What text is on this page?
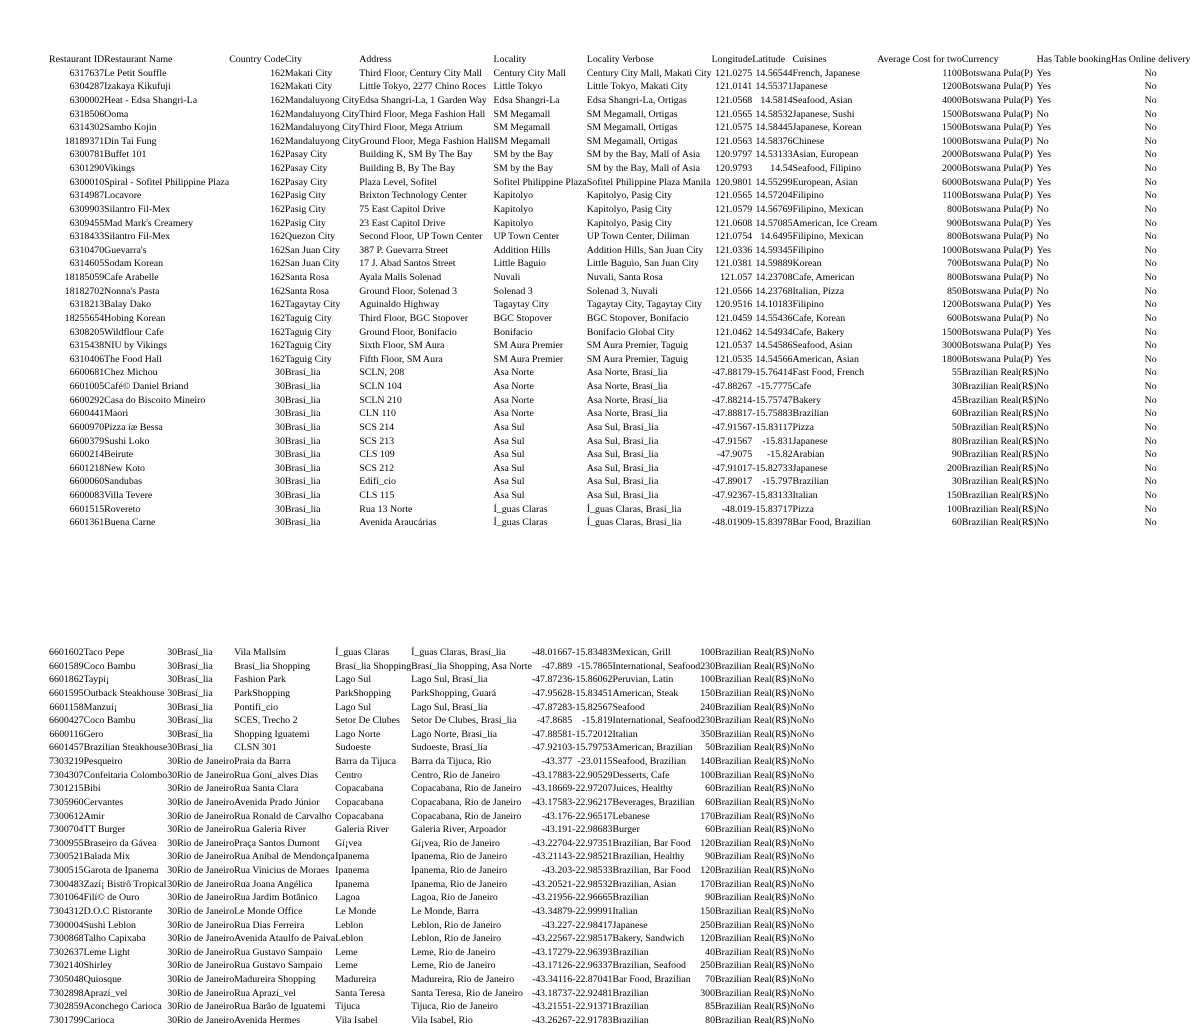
Restaurant ID	Restaurant Name	Country Code	City	Address	Locality	Locality Verbose	Longitude	Latitude	Cuisines	Average Cost for two	Currency	Has Table booking	Has Online delivery
6317637	Le Petit Souffle	162	Makati City	Third Floor, Century City Mall	Century City Mall	Century City Mall, Makati City	121.0275	14.56544	French, Japanese	1100	Botswana Pula(P)	Yes	No
6304287	Izakaya Kikufuji	162	Makati City	Little Tokyo, 2277 Chino Roces	Little Tokyo	Little Tokyo, Makati City	121.0141	14.55371	Japanese	1200	Botswana Pula(P)	Yes	No
6300002	Heat - Edsa Shangri-La	162	Mandaluyong City	Edsa Shangri-La, 1 Garden Way	Edsa Shangri-La	Edsa Shangri-La, Ortigas	121.0568	14.5814	Seafood, Asian	4000	Botswana Pula(P)	Yes	No
6318506	Ooma	162	Mandaluyong City	Third Floor, Mega Fashion Hall	SM Megamall	SM Megamall, Ortigas	121.0565	14.58532	Japanese, Sushi	1500	Botswana Pula(P)	No	No
6314302	Sambo Kojin	162	Mandaluyong City	Third Floor, Mega Atrium	SM Megamall	SM Megamall, Ortigas	121.0575	14.58445	Japanese, Korean	1500	Botswana Pula(P)	Yes	No
18189371	Din Tai Fung	162	Mandaluyong City	Ground Floor, Mega Fashion Hall	SM Megamall	SM Megamall, Ortigas	121.0563	14.58376	Chinese	1000	Botswana Pula(P)	No	No
6300781	Buffet 101	162	Pasay City	Building K, SM By The Bay	SM by the Bay	SM by the Bay, Mall of Asia	120.9797	14.53133	Asian, European	2000	Botswana Pula(P)	Yes	No
6301290	Vikings	162	Pasay City	Building B, By The Bay	SM by the Bay	SM by the Bay, Mall of Asia	120.9793	14.54	Seafood, Filipino	2000	Botswana Pula(P)	Yes	No
6300010	Spiral - Sofitel Philippine Plaza	162	Pasay City	Plaza Level, Sofitel	Sofitel Philippine Plaza	Sofitel Philippine Plaza Manila	120.9801	14.55299	European, Asian	6000	Botswana Pula(P)	Yes	No
6314987	Locavore	162	Pasig City	Brixton Technology Center	Kapitolyo	Kapitolyo, Pasig City	121.0565	14.57204	Filipino	1100	Botswana Pula(P)	Yes	No
6309903	Silantro Fil-Mex	162	Pasig City	75 East Capitol Drive	Kapitolyo	Kapitolyo, Pasig City	121.0579	14.56769	Filipino, Mexican	800	Botswana Pula(P)	No	No
6309455	Mad Mark's Creamery	162	Pasig City	23 East Capitol Drive	Kapitolyo	Kapitolyo, Pasig City	121.0608	14.57085	American, Ice Cream	900	Botswana Pula(P)	Yes	No
6318433	Silantro Fil-Mex	162	Quezon City	Second Floor, UP Town Center	UP Town Center	UP Town Center, Diliman	121.0754	14.6495	Filipino, Mexican	800	Botswana Pula(P)	No	No
6310470	Guevarra's	162	San Juan City	387 P. Guevarra Street	Addition Hills	Addition Hills, San Juan City	121.0336	14.59345	Filipino	1000	Botswana Pula(P)	Yes	No
6314605	Sodam Korean	162	San Juan City	17 J. Abad Santos Street	Little Baguio	Little Baguio, San Juan City	121.0381	14.59889	Korean	700	Botswana Pula(P)	No	No
18185059	Cafe Arabelle	162	Santa Rosa	Ayala Malls Solenad	Nuvali	Nuvali, Santa Rosa	121.057	14.23708	Cafe, American	800	Botswana Pula(P)	No	No
18182702	Nonna's Pasta	162	Santa Rosa	Ground Floor, Solenad 3	Solenad 3	Solenad 3, Nuvali	121.0566	14.23768	Italian, Pizza	850	Botswana Pula(P)	No	No
6318213	Balay Dako	162	Tagaytay City	Aguinaldo Highway	Tagaytay City	Tagaytay City, Tagaytay City	120.9516	14.10183	Filipino	1200	Botswana Pula(P)	Yes	No
18255654	Hobing Korean	162	Taguig City	Third Floor, BGC Stopover	BGC Stopover	BGC Stopover, Bonifacio	121.0459	14.55436	Cafe, Korean	600	Botswana Pula(P)	No	No
6308205	Wildflour Cafe	162	Taguig City	Ground Floor, Bonifacio	Bonifacio	Bonifacio Global City	121.0462	14.54934	Cafe, Bakery	1500	Botswana Pula(P)	Yes	No
6315438	NIU by Vikings	162	Taguig City	Sixth Floor, SM Aura	SM Aura Premier	SM Aura Premier, Taguig	121.0537	14.54586	Seafood, Asian	3000	Botswana Pula(P)	Yes	No
6310406	The Food Hall	162	Taguig City	Fifth Floor, SM Aura	SM Aura Premier	SM Aura Premier, Taguig	121.0535	14.54566	American, Asian	1800	Botswana Pula(P)	Yes	No
6600681	Chez Michou	30	Brasí_lia	SCLN, 208	Asa Norte	Asa Norte, Brasí_lia	-47.88179	-15.76414	Fast Food, French	55	Brazilian Real(R$)	No	No
6601005	Café© Daniel Briand	30	Brasí_lia	SCLN 104	Asa Norte	Asa Norte, Brasí_lia	-47.88267	-15.7775	Cafe	30	Brazilian Real(R$)	No	No
6600292	Casa do Biscoito Mineiro	30	Brasí_lia	SCLN 210	Asa Norte	Asa Norte, Brasí_lia	-47.88214	-15.75747	Bakery	45	Brazilian Real(R$)	No	No
6600441	Maori	30	Brasí_lia	CLN 110	Asa Norte	Asa Norte, Brasí_lia	-47.88817	-15.75883	Brazilian	60	Brazilian Real(R$)	No	No
6600970	Pizza íæ Bessa	30	Brasí_lia	SCS 214	Asa Sul	Asa Sul, Brasí_lia	-47.91567	-15.83117	Pizza	50	Brazilian Real(R$)	No	No
6600379	Sushi Loko	30	Brasí_lia	SCS 213	Asa Sul	Asa Sul, Brasí_lia	-47.91567	-15.831	Japanese	80	Brazilian Real(R$)	No	No
6600214	Beirute	30	Brasí_lia	CLS 109	Asa Sul	Asa Sul, Brasí_lia	-47.9075	-15.82	Arabian	90	Brazilian Real(R$)	No	No
6601218	New Koto	30	Brasí_lia	SCS 212	Asa Sul	Asa Sul, Brasí_lia	-47.91017	-15.82733	Japanese	200	Brazilian Real(R$)	No	No
6600060	Sandubas	30	Brasí_lia	Edifí_cio	Asa Sul	Asa Sul, Brasí_lia	-47.89017	-15.797	Brazilian	30	Brazilian Real(R$)	No	No
6600083	Villa Tevere	30	Brasí_lia	CLS 115	Asa Sul	Asa Sul, Brasí_lia	-47.92367	-15.83133	Italian	150	Brazilian Real(R$)	No	No
6601515	Rovereto	30	Brasí_lia	Rua 13 Norte	Í_guas Claras	Í_guas Claras, Brasí_lia	-48.019	-15.83717	Pizza	100	Brazilian Real(R$)	No	No
6601361	Buena Carne	30	Brasí_lia	Avenida Araucárias	Í_guas Claras	Í_guas Claras, Brasí_lia	-48.01909	-15.83978	Bar Food, Brazilian	60	Brazilian Real(R$)	No	No
6601602	Taco Pepe	30	Brasí_lia	Vila Mallsim	Í_guas Claras	Í_guas Claras, Brasí_lia	-48.01667	-15.83483	Mexican, Grill	100	Brazilian Real(R$)	No	No
6601589	Coco Bambu	30	Brasí_lia	Brasí_lia Shopping	Brasí_lia Shopping	Brasí_lia Shopping, Asa Norte	-47.889	-15.7865	International, Seafood	230	Brazilian Real(R$)	No	No
6601862	Taypí¡	30	Brasí_lia	Fashion Park	Lago Sul	Lago Sul, Brasí_lia	-47.87236	-15.86062	Peruvian, Latin	100	Brazilian Real(R$)	No	No
6601595	Outback Steakhouse	30	Brasí_lia	ParkShopping	ParkShopping	ParkShopping, Guará	-47.95628	-15.83451	American, Steak	150	Brazilian Real(R$)	No	No
6601158	Manzuí¡	30	Brasí_lia	Pontifí_cio	Lago Sul	Lago Sul, Brasí_lia	-47.87283	-15.82567	Seafood	240	Brazilian Real(R$)	No	No
6600427	Coco Bambu	30	Brasí_lia	SCES, Trecho 2	Setor De Clubes	Setor De Clubes, Brasí_lia	-47.8685	-15.819	International, Seafood	230	Brazilian Real(R$)	No	No
6600116	Gero	30	Brasí_lia	Shopping Iguatemi	Lago Norte	Lago Norte, Brasí_lia	-47.88581	-15.72012	Italian	350	Brazilian Real(R$)	No	No
6601457	Brazilian Steakhouse	30	Brasí_lia	CLSN 301	Sudoeste	Sudoeste, Brasí_lia	-47.92103	-15.79753	American, Brazilian	50	Brazilian Real(R$)	No	No
7303219	Pesqueiro	30	Rio de Janeiro	Praia da Barra	Barra da Tijuca	Barra da Tijuca, Rio	-43.377	-23.0115	Seafood, Brazilian	140	Brazilian Real(R$)	No	No
7304307	Confeitaria Colombo	30	Rio de Janeiro	Rua Goní_alves Dias	Centro	Centro, Rio de Janeiro	-43.17883	-22.90529	Desserts, Cafe	100	Brazilian Real(R$)	No	No
7301215	Bibi	30	Rio de Janeiro	Rua Santa Clara	Copacabana	Copacabana, Rio de Janeiro	-43.18669	-22.97207	Juices, Healthy	60	Brazilian Real(R$)	No	No
7305960	Cervantes	30	Rio de Janeiro	Avenida Prado Júnior	Copacabana	Copacabana, Rio de Janeiro	-43.17583	-22.96217	Beverages, Brazilian	60	Brazilian Real(R$)	No	No
7300612	Amir	30	Rio de Janeiro	Rua Ronald de Carvalho	Copacabana	Copacabana, Rio de Janeiro	-43.176	-22.96517	Lebanese	170	Brazilian Real(R$)	No	No
7300704	TT Burger	30	Rio de Janeiro	Rua Galeria River	Galeria River	Galeria River, Arpoador	-43.191	-22.98683	Burger	60	Brazilian Real(R$)	No	No
7300955	Braseiro da Gávea	30	Rio de Janeiro	Praça Santos Dumont	Gí¡vea	Gí¡vea, Rio de Janeiro	-43.22704	-22.97351	Brazilian, Bar Food	120	Brazilian Real(R$)	No	No
7300521	Balada Mix	30	Rio de Janeiro	Rua Aníbal de Mendonça	Ipanema	Ipanema, Rio de Janeiro	-43.21143	-22.98521	Brazilian, Healthy	90	Brazilian Real(R$)	No	No
7300515	Garota de Ipanema	30	Rio de Janeiro	Rua Vinicius de Moraes	Ipanema	Ipanema, Rio de Janeiro	-43.203	-22.98533	Brazilian, Bar Food	120	Brazilian Real(R$)	No	No
7300483	Zazí¡ Bistrô Tropical	30	Rio de Janeiro	Rua Joana Angélica	Ipanema	Ipanema, Rio de Janeiro	-43.20521	-22.98532	Brazilian, Asian	170	Brazilian Real(R$)	No	No
7301064	Filí© de Ouro	30	Rio de Janeiro	Rua Jardim Botânico	Lagoa	Lagoa, Rio de Janeiro	-43.21956	-22.96665	Brazilian	90	Brazilian Real(R$)	No	No
7304312	D.O.C Ristorante	30	Rio de Janeiro	Le Monde Office	Le Monde	Le Monde, Barra	-43.34879	-22.99991	Italian	150	Brazilian Real(R$)	No	No
7300004	Sushi Leblon	30	Rio de Janeiro	Rua Dias Ferreira	Leblon	Leblon, Rio de Janeiro	-43.227	-22.98417	Japanese	250	Brazilian Real(R$)	No	No
7300868	Talho Capixaba	30	Rio de Janeiro	Avenida Ataulfo de Paiva	Leblon	Leblon, Rio de Janeiro	-43.22567	-22.98517	Bakery, Sandwich	120	Brazilian Real(R$)	No	No
7302637	Leme Light	30	Rio de Janeiro	Rua Gustavo Sampaio	Leme	Leme, Rio de Janeiro	-43.17279	-22.96393	Brazilian	40	Brazilian Real(R$)	No	No
7302140	Shirley	30	Rio de Janeiro	Rua Gustavo Sampaio	Leme	Leme, Rio de Janeiro	-43.17126	-22.96337	Brazilian, Seafood	250	Brazilian Real(R$)	No	No
7305048	Quiosque	30	Rio de Janeiro	Madureira Shopping	Madureira	Madureira, Rio de Janeiro	-43.34116	-22.87041	Bar Food, Brazilian	70	Brazilian Real(R$)	No	No
7302898	Aprazí_vel	30	Rio de Janeiro	Rua Aprazí_vel	Santa Teresa	Santa Teresa, Rio de Janeiro	-43.18737	-22.92481	Brazilian	300	Brazilian Real(R$)	No	No
7302859	Aconchego Carioca	30	Rio de Janeiro	Rua Barão de Iguatemi	Tijuca	Tijuca, Rio de Janeiro	-43.21551	-22.91371	Brazilian	85	Brazilian Real(R$)	No	No
7301799	Carioca	30	Rio de Janeiro	Avenida Hermes	Vila Isabel	Vila Isabel, Rio	-43.26267	-22.91783	Brazilian	80	Brazilian Real(R$)	No	No
